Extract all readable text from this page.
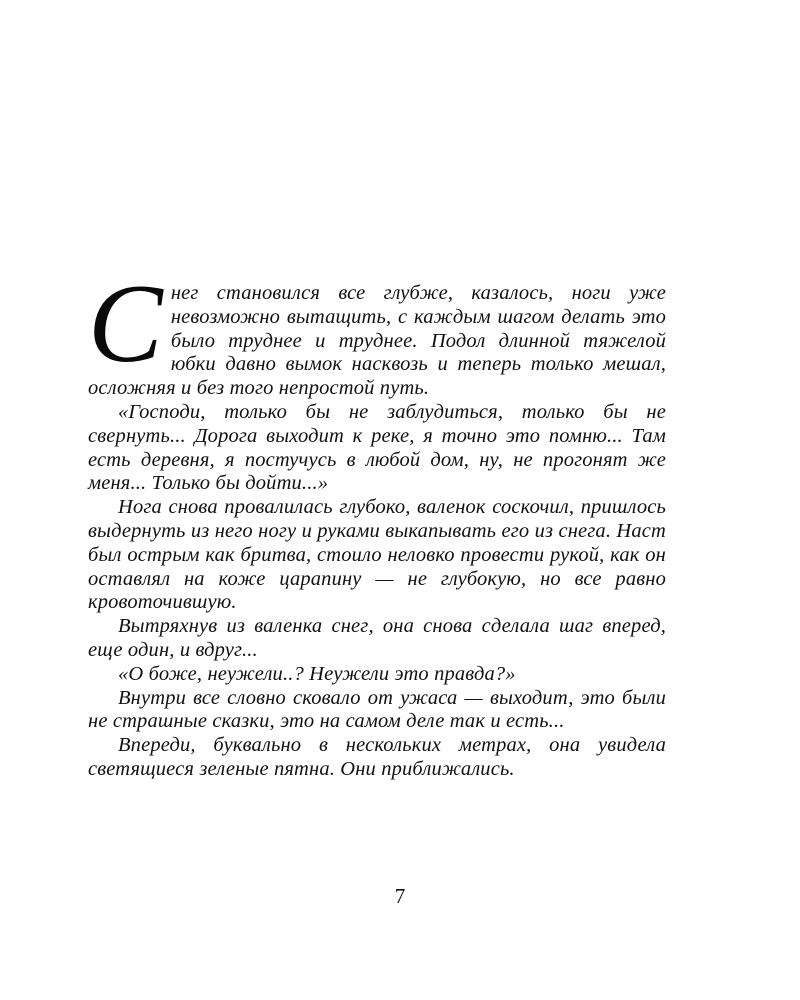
Снег становился все глубже, казалось, ноги уже невозможно вытащить, с каждым шагом делать это было труднее и труднее. Подол длинной тяжелой юбки давно вымок насквозь и теперь только мешал, осложняя и без того непростой путь.

«Господи, только бы не заблудиться, только бы не свернуть... Дорога выходит к реке, я точно это помню... Там есть деревня, я постучусь в любой дом, ну, не прогонят же меня... Только бы дойти...»

Нога снова провалилась глубоко, валенок соскочил, пришлось выдернуть из него ногу и руками выкапывать его из снега. Наст был острым как бритва, стоило неловко провести рукой, как он оставлял на коже царапину — не глубокую, но все равно кровоточившую.

Вытряхнув из валенка снег, она снова сделала шаг вперед, еще один, и вдруг...

«О боже, неужели..? Неужели это правда?»

Внутри все словно сковало от ужаса — выходит, это были не страшные сказки, это на самом деле так и есть...

Впереди, буквально в нескольких метрах, она увидела светящиеся зеленые пятна. Они приближались.

7
